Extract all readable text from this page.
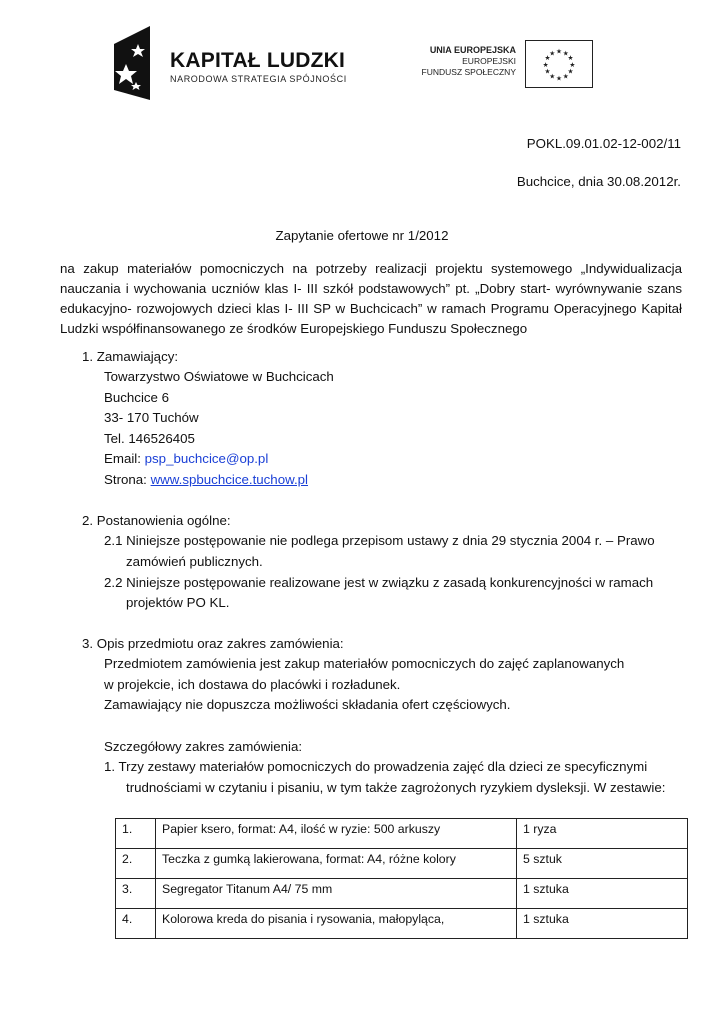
KAPITAŁ LUDZKI
NARODOWA STRATEGIA SPÓJNOŚCI
UNIA EUROPEJSKA
EUROPEJSKI
FUNDUSZ SPOŁECZNY
★ ★
★
★
★
★
★
★
★
★
★
★
POKL.09.01.02-12-002/11
Buchcice, dnia 30.08.2012r.
Zapytanie ofertowe nr 1/2012
na zakup materiałów pomocniczych na potrzeby realizacji projektu systemowego „Indywidualizacja
nauczania i wychowania uczniów klas I- III szkół podstawowych” pt. „Dobry start- wyrównywanie szans
edukacyjno- rozwojowych dzieci klas I- III SP w Buchcicach” w ramach Programu Operacyjnego Kapitał
Ludzki współfinansowanego ze środków Europejskiego Funduszu Społecznego
1. Zamawiający:
Towarzystwo Oświatowe w Buchcicach
Buchcice 6
33- 170 Tuchów
Tel. 146526405
Email: psp_buchcice@op.pl
Strona: www.spbuchcice.tuchow.pl
2. Postanowienia ogólne:
2.1 Niniejsze postępowanie nie podlega przepisom ustawy z dnia 29 stycznia 2004 r. – Prawo
zamówień publicznych.
2.2 Niniejsze postępowanie realizowane jest w związku z zasadą konkurencyjności w ramach
projektów PO KL.
3. Opis przedmiotu oraz zakres zamówienia:
Przedmiotem zamówienia jest zakup materiałów pomocniczych do zajęć zaplanowanych
w projekcie, ich dostawa do placówki i rozładunek.
Zamawiający nie dopuszcza możliwości składania ofert częściowych.
Szczegółowy zakres zamówienia:
1. Trzy zestawy materiałów pomocniczych do prowadzenia zajęć dla dzieci ze specyficznymi
trudnościami w czytaniu i pisaniu, w tym także zagrożonych ryzykiem dysleksji. W zestawie:
1.	Papier ksero, format: A4, ilość w ryzie: 500 arkuszy	1 ryza
2.	Teczka z gumką lakierowana, format: A4, różne kolory	5 sztuk
3.	Segregator Titanum A4/ 75 mm	1 sztuka
4.	Kolorowa kreda do pisania i rysowania, małopyląca,	1 sztuka
